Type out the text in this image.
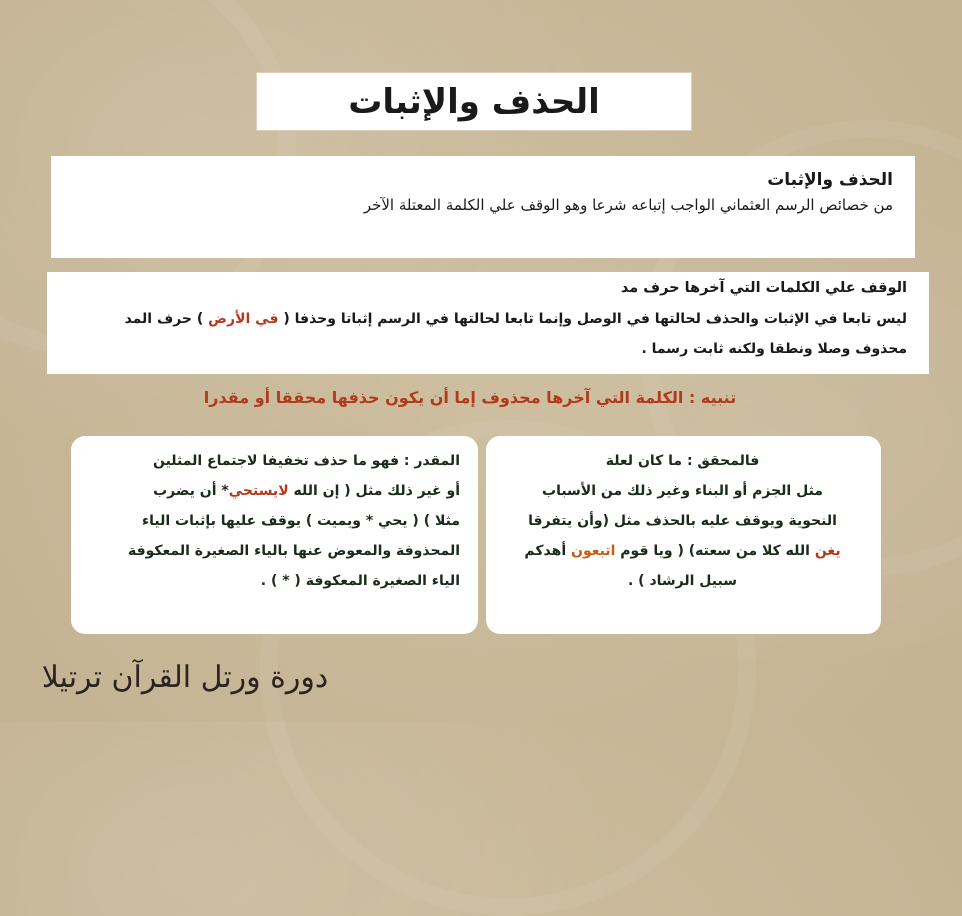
الحذف والإثبات
الحذف والإثبات
من خصائص الرسم العثماني الواجب إتباعه شرعا وهو الوقف علي الكلمة المعتلة الآخر
الوقف علي الكلمات التي آخرها حرف مد
ليس تابعا في الإثبات والحذف لحالتها في الوصل وإنما تابعا لحالتها في الرسم إثباتا وحذفا ( في الأرض ) حرف المد
محذوف وصلا ونطقا ولكنه ثابت رسما .
تنبيه : الكلمة التي آخرها محذوف إما أن يكون حذفها محققا أو مقدرا
فالمحقق : ما كان لعلة
مثل الجزم أو البناء وغير ذلك من الأسباب
النحوية ويوقف عليه بالحذف مثل (وأن يتفرقا
يغن الله كلا من سعته) ( ويا قوم اتبعون أهدكم
سبيل الرشاد ) .
المقدر : فهو ما حذف تخفيفا لاجتماع المثلين
أو غير ذلك مثل ( إن الله لايستحي* أن يضرب
مثلا ) ( يحي * ويميت ) يوقف عليها بإثبات الياء
المحذوفة والمعوض عنها بالياء الصغيرة المعكوفة
الياء الصغيرة المعكوفة ( * ) .
دورة ورتل القرآن ترتيلا
